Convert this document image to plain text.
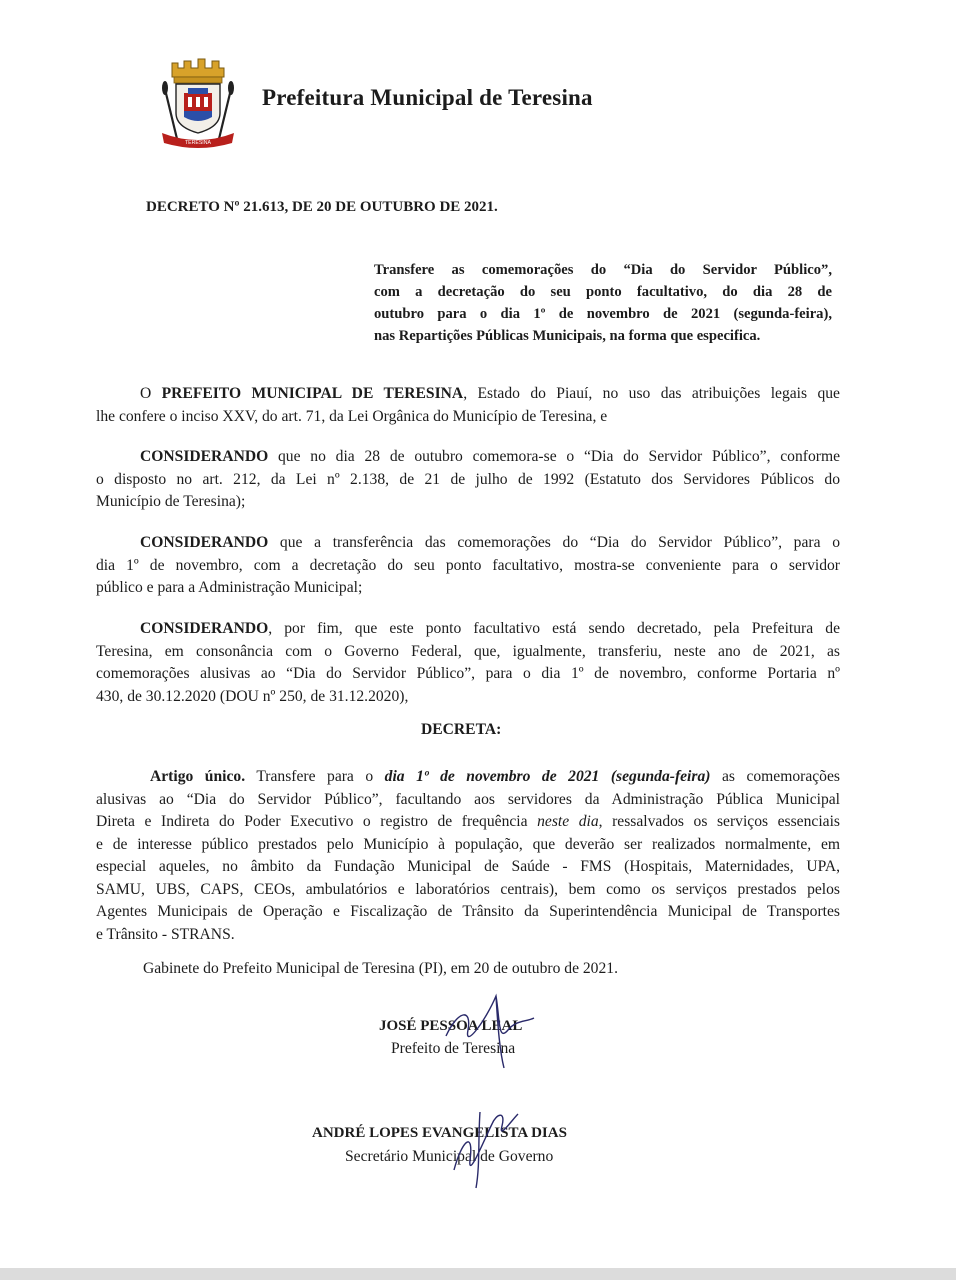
TERESINA
Prefeitura Municipal de Teresina
DECRETO Nº 21.613, DE 20 DE OUTUBRO DE 2021.
Transfere as comemorações do “Dia do Servidor Público”,
com a decretação do seu ponto facultativo, do dia 28 de
outubro para o dia 1º de novembro de 2021 (segunda-feira),
nas Repartições Públicas Municipais, na forma que especifica.
O PREFEITO MUNICIPAL DE TERESINA, Estado do Piauí, no uso das atribuições legais que
lhe confere o inciso XXV, do art. 71, da Lei Orgânica do Município de Teresina, e
CONSIDERANDO que no dia 28 de outubro comemora-se o “Dia do Servidor Público”, conforme
o disposto no art. 212, da Lei nº 2.138, de 21 de julho de 1992 (Estatuto dos Servidores Públicos do
Município de Teresina);
CONSIDERANDO que a transferência das comemorações do “Dia do Servidor Público”, para o
dia 1º de novembro, com a decretação do seu ponto facultativo, mostra-se conveniente para o servidor
público e para a Administração Municipal;
CONSIDERANDO, por fim, que este ponto facultativo está sendo decretado, pela Prefeitura de
Teresina, em consonância com o Governo Federal, que, igualmente, transferiu, neste ano de 2021, as
comemorações alusivas ao “Dia do Servidor Público”, para o dia 1º de novembro, conforme Portaria nº
430, de 30.12.2020 (DOU nº 250, de 31.12.2020),
DECRETA:
Artigo único. Transfere para o dia 1º de novembro de 2021 (segunda-feira) as comemorações
alusivas ao “Dia do Servidor Público”, facultando aos servidores da Administração Pública Municipal
Direta e Indireta do Poder Executivo o registro de frequência neste dia, ressalvados os serviços essenciais
e de interesse público prestados pelo Município à população, que deverão ser realizados normalmente, em
especial aqueles, no âmbito da Fundação Municipal de Saúde - FMS (Hospitais, Maternidades, UPA,
SAMU, UBS, CAPS, CEOs, ambulatórios e laboratórios centrais), bem como os serviços prestados pelos
Agentes Municipais de Operação e Fiscalização de Trânsito da Superintendência Municipal de Transportes
e Trânsito - STRANS.
Gabinete do Prefeito Municipal de Teresina (PI), em 20 de outubro de 2021.
JOSÉ PESSOA LEAL
Prefeito de Teresina
ANDRÉ LOPES EVANGELISTA DIAS
Secretário Municipal de Governo
